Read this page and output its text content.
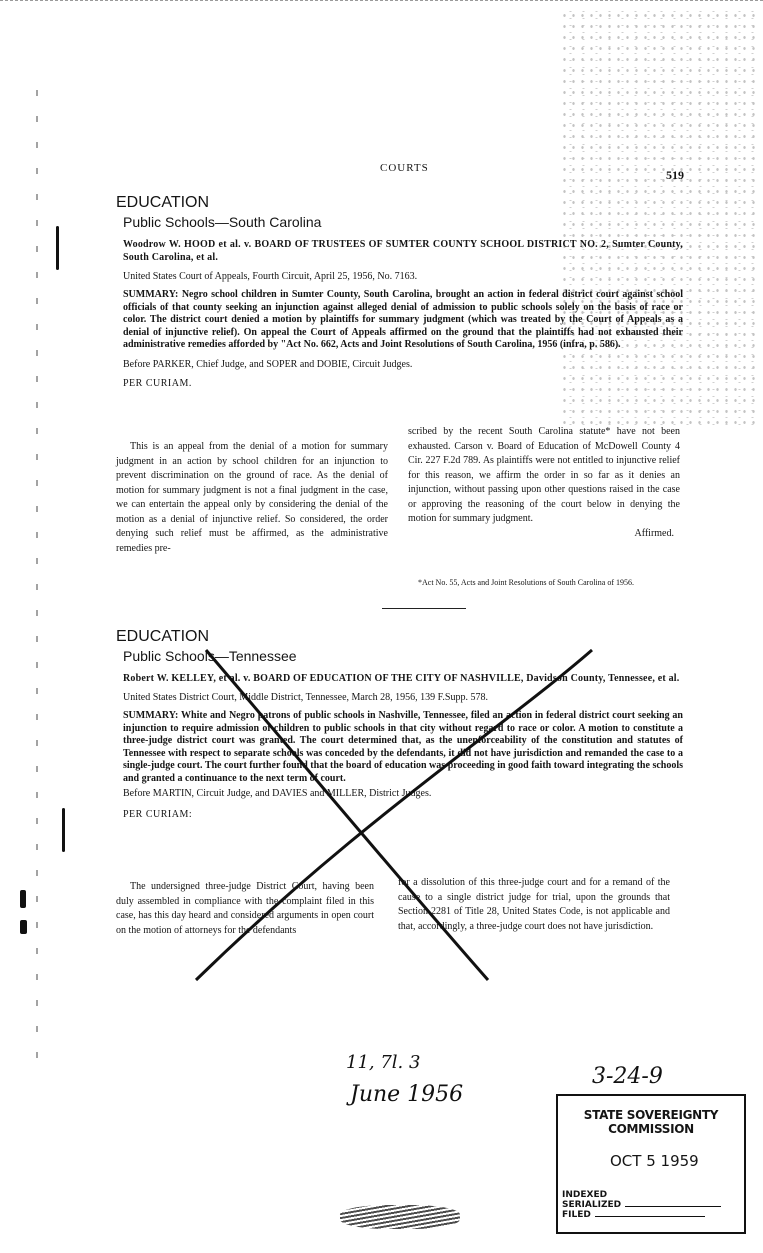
COURTS	519
EDUCATION
Public Schools—South Carolina
Woodrow W. HOOD et al. v. BOARD OF TRUSTEES OF SUMTER COUNTY SCHOOL DISTRICT NO. 2, Sumter County, South Carolina, et al.
United States Court of Appeals, Fourth Circuit, April 25, 1956, No. 7163.
SUMMARY: Negro school children in Sumter County, South Carolina, brought an action in federal district court against school officials of that county seeking an injunction against alleged denial of admission to public schools solely on the basis of race or color. The district court denied a motion by plaintiffs for summary judgment (which was treated by the Court of Appeals as a denial of injunctive relief). On appeal the Court of Appeals affirmed on the ground that the plaintiffs had not exhausted their administrative remedies afforded by "Act No. 662, Acts and Joint Resolutions of South Carolina, 1956 (infra, p. 586).
Before PARKER, Chief Judge, and SOPER and DOBIE, Circuit Judges.
PER CURIAM.

This is an appeal from the denial of a motion for summary judgment in an action by school children for an injunction to prevent discrimination on the ground of race. As the denial of motion for summary judgment is not a final judgment in the case, we can entertain the appeal only by considering the denial of the motion as a denial of injunctive relief. So considered, the order denying such relief must be affirmed, as the administrative remedies pre-

scribed by the recent South Carolina statute* have not been exhausted. Carson v. Board of Education of McDowell County 4 Cir. 227 F.2d 789. As plaintiffs were not entitled to injunctive relief for this reason, we affirm the order in so far as it denies an injunction, without passing upon other questions raised in the case or approving the reasoning of the court below in denying the motion for summary judgment.

Affirmed.
*Act No. 55, Acts and Joint Resolutions of South Carolina of 1956.
EDUCATION
Public Schools—Tennessee
Robert W. KELLEY, et al. v. BOARD OF EDUCATION OF THE CITY OF NASHVILLE, Davidson County, Tennessee, et al.
United States District Court, Middle District, Tennessee, March 28, 1956, 139 F.Supp. 578.
SUMMARY: White and Negro patrons of public schools in Nashville, Tennessee, filed an action in federal district court seeking an injunction to require admission of children to public schools in that city without regard to race or color. A motion to constitute a three-judge district court was granted. The court determined that, as the unenforceability of the constitution and statutes of Tennessee with respect to separate schools was conceded by the defendants, it did not have jurisdiction and remanded the case to a single-judge court. The court further found that the board of education was proceeding in good faith toward integrating the schools and granted a continuance to the next term of court.
Before MARTIN, Circuit Judge, and DAVIES and MILLER, District Judges.
PER CURIAM:

The undersigned three-judge District Court, having been duly assembled in compliance with the complaint filed in this case, has this day heard and considered arguments in open court on the motion of attorneys for the defendants

for a dissolution of this three-judge court and for a remand of the cause to a single district judge for trial, upon the grounds that Section 2281 of Title 28, United States Code, is not applicable and that, accordingly, a three-judge court does not have jurisdiction.

11, 7l. 3
June 1956
3-24-9
STATE SOVEREIGNTY COMMISSION
OCT 5 1959
INDEXED
SERIALIZED
FILED
